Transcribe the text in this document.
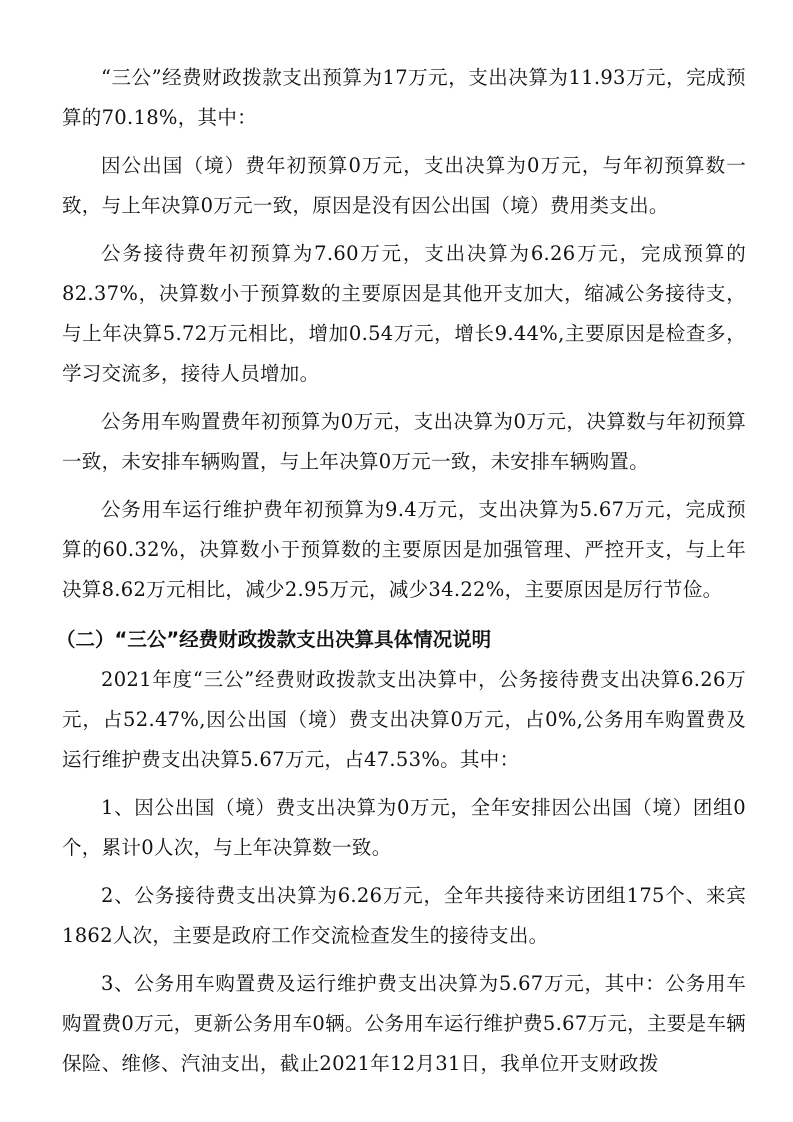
“三公”经费财政拨款支出预算为17万元，支出决算为11.93万元，完成预算的70.18%，其中：

因公出国（境）费年初预算0万元，支出决算为0万元，与年初预算数一致，与上年决算0万元一致，原因是没有因公出国（境）费用类支出。

公务接待费年初预算为7.60万元，支出决算为6.26万元，完成预算的82.37%，决算数小于预算数的主要原因是其他开支加大，缩减公务接待支，与上年决算5.72万元相比，增加0.54万元，增长9.44%,主要原因是检查多，学习交流多，接待人员增加。

公务用车购置费年初预算为0万元，支出决算为0万元，决算数与年初预算一致，未安排车辆购置，与上年决算0万元一致，未安排车辆购置。

公务用车运行维护费年初预算为9.4万元，支出决算为5.67万元，完成预算的60.32%，决算数小于预算数的主要原因是加强管理、严控开支，与上年决算8.62万元相比，减少2.95万元，减少34.22%，主要原因是厉行节俭。

（二）“三公”经费财政拨款支出决算具体情况说明

2021年度“三公”经费财政拨款支出决算中，公务接待费支出决算6.26万元，占52.47%,因公出国（境）费支出决算0万元，占0%,公务用车购置费及运行维护费支出决算5.67万元，占47.53%。其中：

1、因公出国（境）费支出决算为0万元，全年安排因公出国（境）团组0个，累计0人次，与上年决算数一致。

2、公务接待费支出决算为6.26万元，全年共接待来访团组175个、来宾1862人次，主要是政府工作交流检查发生的接待支出。

3、公务用车购置费及运行维护费支出决算为5.67万元，其中：公务用车购置费0万元，更新公务用车0辆。公务用车运行维护费5.67万元，主要是车辆保险、维修、汽油支出，截止2021年12月31日，我单位开支财政拨
